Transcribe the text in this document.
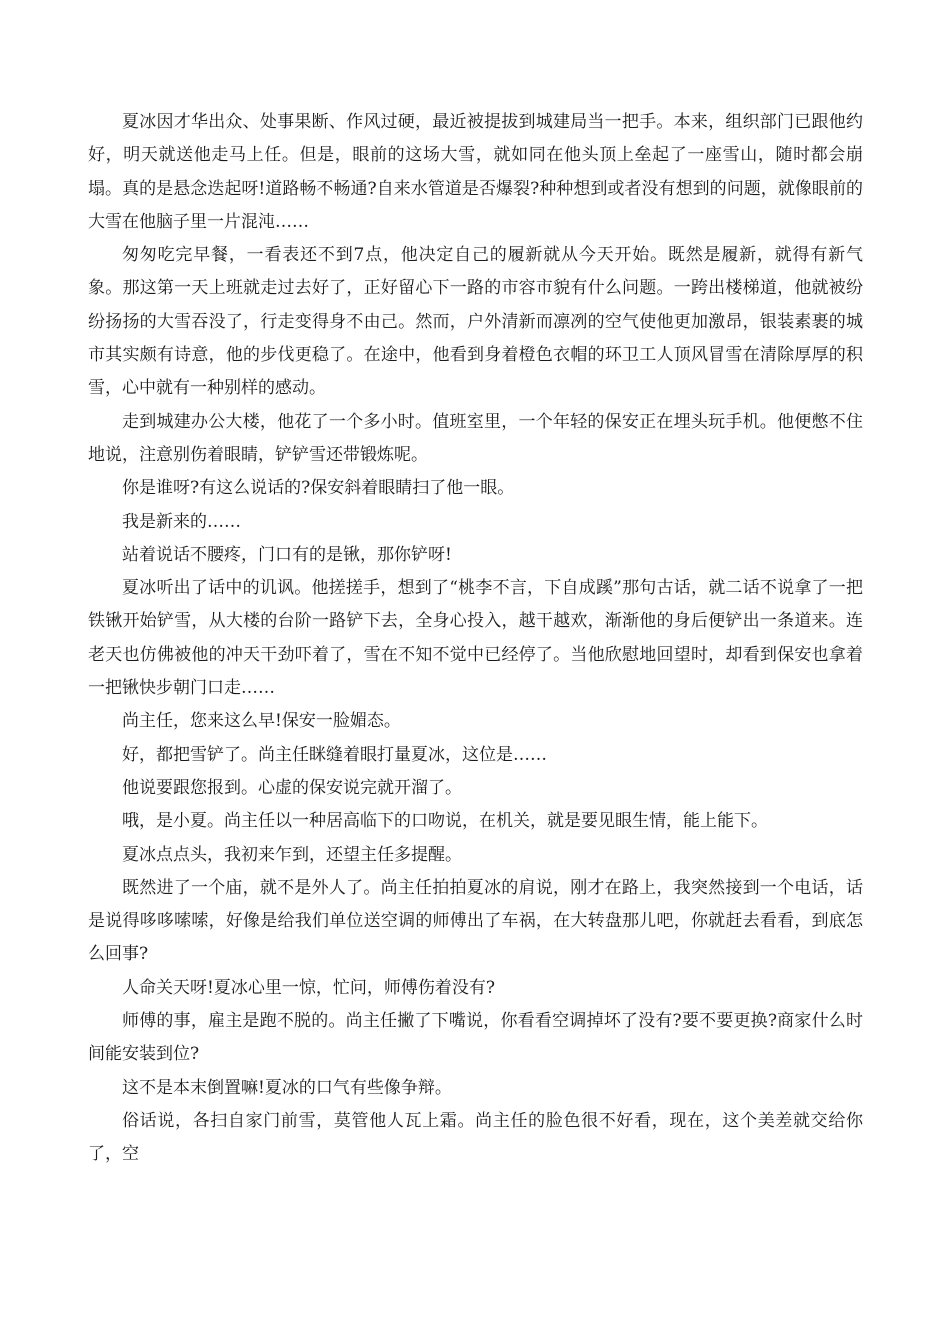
夏冰因才华出众、处事果断、作风过硬，最近被提拔到城建局当一把手。本来，组织部门已跟他约好，明天就送他走马上任。但是，眼前的这场大雪，就如同在他头顶上垒起了一座雪山，随时都会崩塌。真的是悬念迭起呀!道路畅不畅通?自来水管道是否爆裂?种种想到或者没有想到的问题，就像眼前的大雪在他脑子里一片混沌……

匆匆吃完早餐，一看表还不到7点，他决定自己的履新就从今天开始。既然是履新，就得有新气象。那这第一天上班就走过去好了，正好留心下一路的市容市貌有什么问题。一跨出楼梯道，他就被纷纷扬扬的大雪吞没了，行走变得身不由己。然而，户外清新而凛冽的空气使他更加激昂，银装素裹的城市其实颇有诗意，他的步伐更稳了。在途中，他看到身着橙色衣帽的环卫工人顶风冒雪在清除厚厚的积雪，心中就有一种别样的感动。

走到城建办公大楼，他花了一个多小时。值班室里，一个年轻的保安正在埋头玩手机。他便憋不住地说，注意别伤着眼睛，铲铲雪还带锻炼呢。

你是谁呀?有这么说话的?保安斜着眼睛扫了他一眼。

我是新来的……

站着说话不腰疼，门口有的是锹，那你铲呀!

夏冰听出了话中的讥讽。他搓搓手，想到了“桃李不言，下自成蹊”那句古话，就二话不说拿了一把铁锹开始铲雪，从大楼的台阶一路铲下去，全身心投入，越干越欢，渐渐他的身后便铲出一条道来。连老天也仿佛被他的冲天干劲吓着了，雪在不知不觉中已经停了。当他欣慰地回望时，却看到保安也拿着一把锹快步朝门口走……

尚主任，您来这么早!保安一脸媚态。

好，都把雪铲了。尚主任眯缝着眼打量夏冰，这位是……

他说要跟您报到。心虚的保安说完就开溜了。

哦，是小夏。尚主任以一种居高临下的口吻说，在机关，就是要见眼生情，能上能下。

夏冰点点头，我初来乍到，还望主任多提醒。

既然进了一个庙，就不是外人了。尚主任拍拍夏冰的肩说，刚才在路上，我突然接到一个电话，话是说得哆哆嗦嗦，好像是给我们单位送空调的师傅出了车祸，在大转盘那儿吧，你就赶去看看，到底怎么回事?

人命关天呀!夏冰心里一惊，忙问，师傅伤着没有?

师傅的事，雇主是跑不脱的。尚主任撇了下嘴说，你看看空调掉坏了没有?要不要更换?商家什么时间能安装到位?

这不是本末倒置嘛!夏冰的口气有些像争辩。

俗话说，各扫自家门前雪，莫管他人瓦上霜。尚主任的脸色很不好看，现在，这个美差就交给你了，空
